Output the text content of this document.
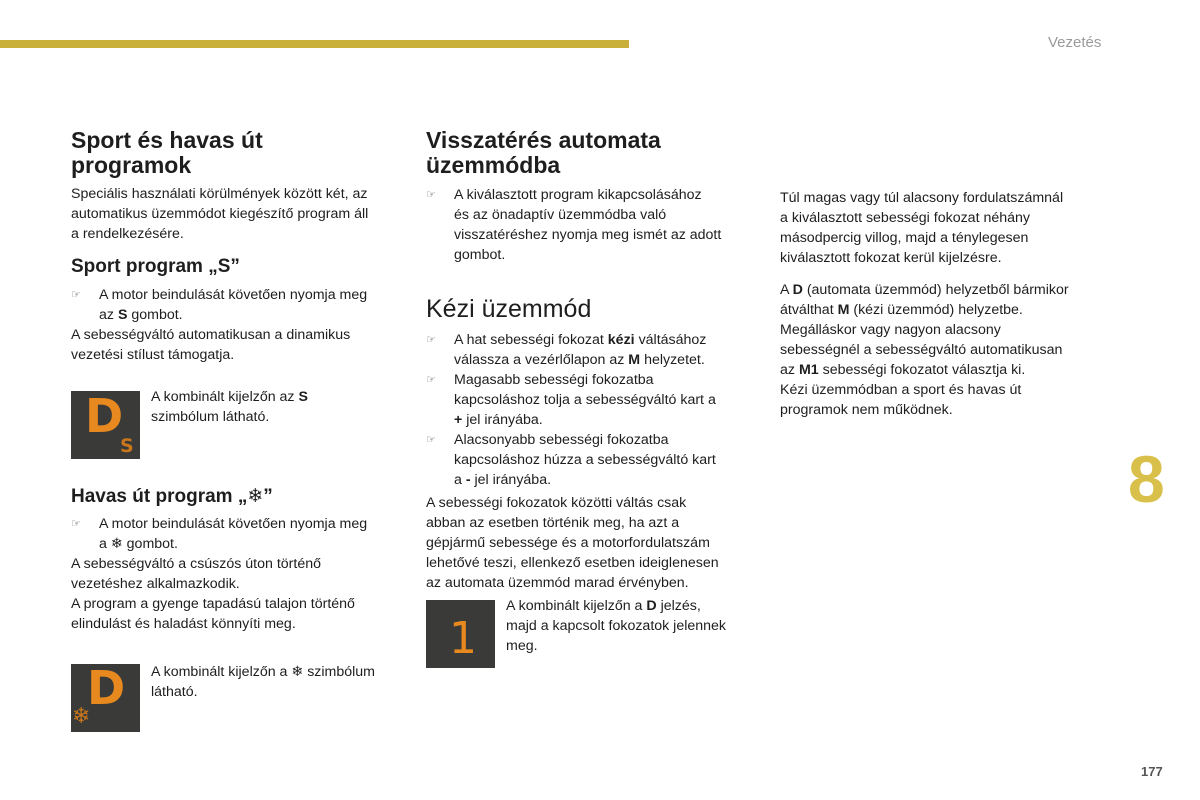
Vezetés
8
177
Sport és havas út
programok

Speciális használati körülmények között két, az
automatikus üzemmódot kiegészítő program áll
a rendelkezésére.

Sport program „S”

☞ A motor beindulását követően nyomja meg
az S gombot.

A sebességváltó automatikusan a dinamikus
vezetési stílust támogatja.

D
S

A kombinált kijelzőn az S
szimbólum látható.

Havas út program „❄”

☞ A motor beindulását követően nyomja meg
a ❄ gombot.

A sebességváltó a csúszós úton történő
vezetéshez alkalmazkodik.
A program a gyenge tapadású talajon történő
elindulást és haladást könnyíti meg.

D
❄

A kombinált kijelzőn a ❄ szimbólum
látható.

Visszatérés automata
üzemmódba

☞ A kiválasztott program kikapcsolásához
és az önadaptív üzemmódba való
visszatéréshez nyomja meg ismét az adott
gombot.

Kézi üzemmód

☞ A hat sebességi fokozat kézi váltásához
válassza a vezérlőlapon az M helyzetet.

☞ Magasabb sebességi fokozatba
kapcsoláshoz tolja a sebességváltó kart a
+ jel irányába.

☞ Alacsonyabb sebességi fokozatba
kapcsoláshoz húzza a sebességváltó kart
a - jel irányába.

A sebességi fokozatok közötti váltás csak
abban az esetben történik meg, ha azt a
gépjármű sebessége és a motorfordulatszám
lehetővé teszi, ellenkező esetben ideiglenesen
az automata üzemmód marad érvényben.

1

A kombinált kijelzőn a D jelzés,
majd a kapcsolt fokozatok jelennek
meg.

Túl magas vagy túl alacsony fordulatszámnál
a kiválasztott sebességi fokozat néhány
másodpercig villog, majd a ténylegesen
kiválasztott fokozat kerül kijelzésre.

A D (automata üzemmód) helyzetből bármikor
átválthat M (kézi üzemmód) helyzetbe.
Megálláskor vagy nagyon alacsony
sebességnél a sebességváltó automatikusan
az M1 sebességi fokozatot választja ki.
Kézi üzemmódban a sport és havas út
programok nem működnek.
